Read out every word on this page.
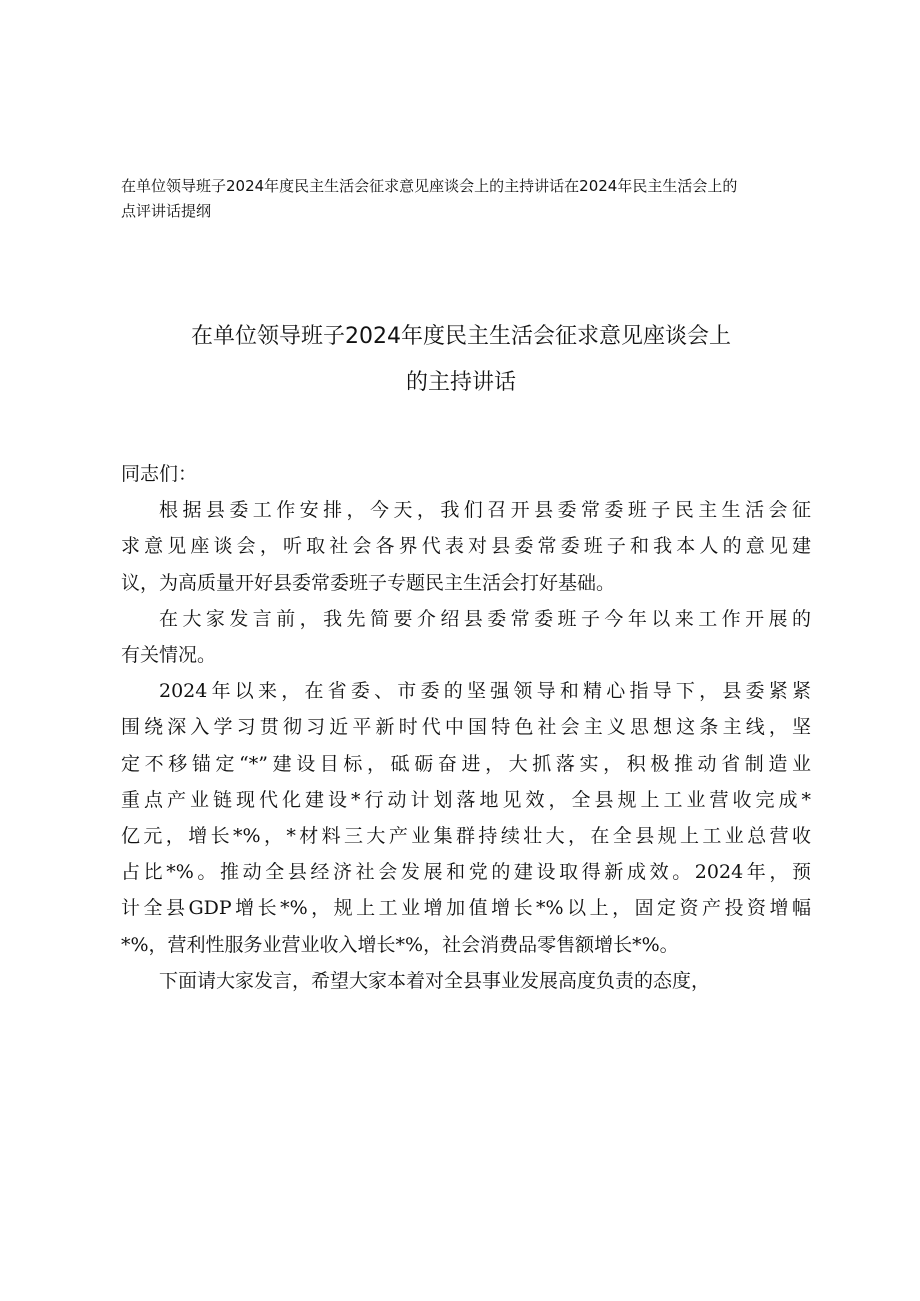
在单位领导班子2024年度民主生活会征求意见座谈会上的主持讲话在2024年民主生活会上的
点评讲话提纲
在单位领导班子2024年度民主生活会征求意见座谈会上
的主持讲话

同志们：

根据县委工作安排，今天，我们召开县委常委班子民主生活会征
求意见座谈会，听取社会各界代表对县委常委班子和我本人的意见建
议，为高质量开好县委常委班子专题民主生活会打好基础。

在大家发言前，我先简要介绍县委常委班子今年以来工作开展的
有关情况。

2024年以来，在省委、市委的坚强领导和精心指导下，县委紧紧
围绕深入学习贯彻习近平新时代中国特色社会主义思想这条主线，坚
定不移锚定“*”建设目标，砥砺奋进，大抓落实，积极推动省制造业
重点产业链现代化建设*行动计划落地见效，全县规上工业营收完成*
亿元，增长*%，*材料三大产业集群持续壮大，在全县规上工业总营收
占比*%。推动全县经济社会发展和党的建设取得新成效。2024年，预
计全县GDP增长*%，规上工业增加值增长*%以上，固定资产投资增幅
*%，营利性服务业营业收入增长*%，社会消费品零售额增长*%。

下面请大家发言，希望大家本着对全县事业发展高度负责的态度，
